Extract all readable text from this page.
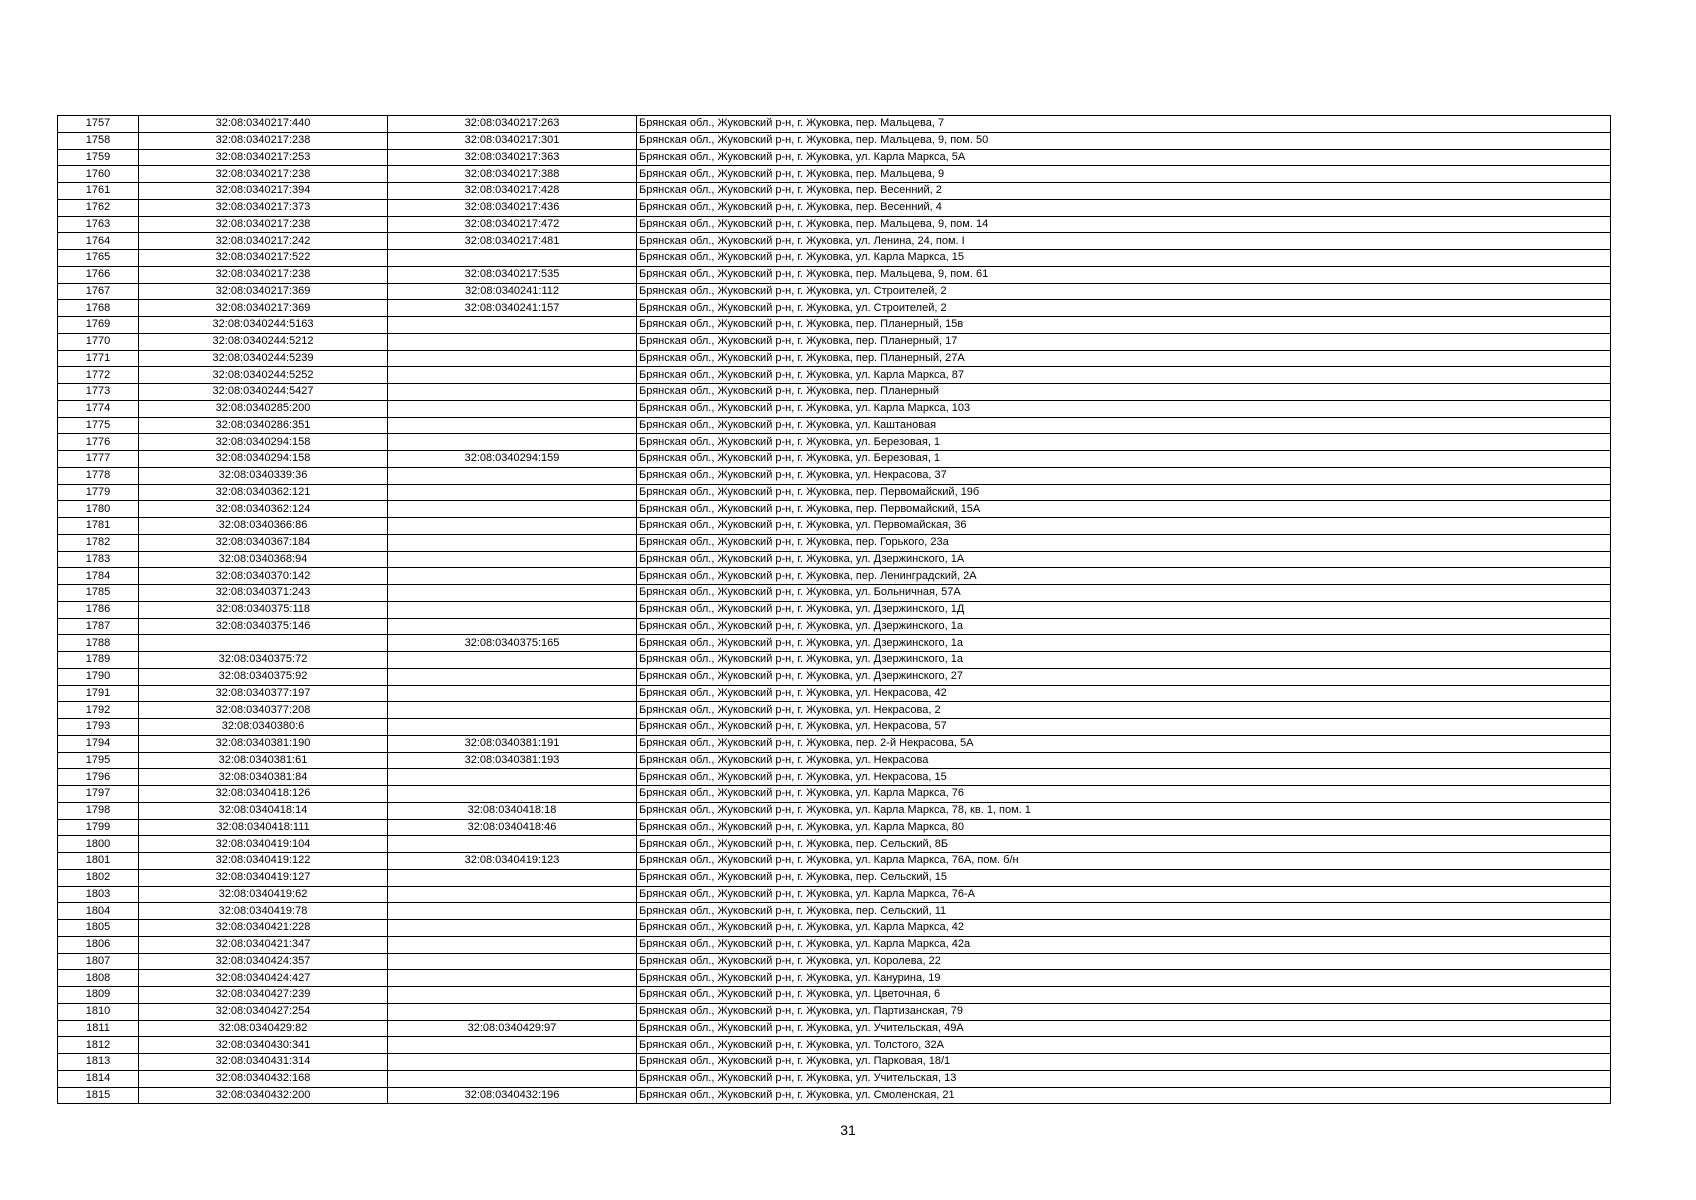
1757	32:08:0340217:440	32:08:0340217:263	Брянская обл., Жуковский р-н, г. Жуковка, пер. Мальцева, 7
1758	32:08:0340217:238	32:08:0340217:301	Брянская обл., Жуковский р-н, г. Жуковка, пер. Мальцева, 9, пом. 50
1759	32:08:0340217:253	32:08:0340217:363	Брянская обл., Жуковский р-н, г. Жуковка, ул. Карла Маркса, 5А
1760	32:08:0340217:238	32:08:0340217:388	Брянская обл., Жуковский р-н, г. Жуковка, пер. Мальцева, 9
1761	32:08:0340217:394	32:08:0340217:428	Брянская обл., Жуковский р-н, г. Жуковка, пер. Весенний, 2
1762	32:08:0340217:373	32:08:0340217:436	Брянская обл., Жуковский р-н, г. Жуковка, пер. Весенний, 4
1763	32:08:0340217:238	32:08:0340217:472	Брянская обл., Жуковский р-н, г. Жуковка, пер. Мальцева, 9, пом. 14
1764	32:08:0340217:242	32:08:0340217:481	Брянская обл., Жуковский р-н, г. Жуковка, ул. Ленина, 24, пом. I
1765	32:08:0340217:522		Брянская обл., Жуковский р-н, г. Жуковка, ул. Карла Маркса, 15
1766	32:08:0340217:238	32:08:0340217:535	Брянская обл., Жуковский р-н, г. Жуковка, пер. Мальцева, 9, пом. 61
1767	32:08:0340217:369	32:08:0340241:112	Брянская обл., Жуковский р-н, г. Жуковка, ул. Строителей, 2
1768	32:08:0340217:369	32:08:0340241:157	Брянская обл., Жуковский р-н, г. Жуковка, ул. Строителей, 2
1769	32:08:0340244:5163		Брянская обл., Жуковский р-н, г. Жуковка, пер. Планерный, 15в
1770	32:08:0340244:5212		Брянская обл., Жуковский р-н, г. Жуковка, пер. Планерный, 17
1771	32:08:0340244:5239		Брянская обл., Жуковский р-н, г. Жуковка, пер. Планерный, 27А
1772	32:08:0340244:5252		Брянская обл., Жуковский р-н, г. Жуковка, ул. Карла Маркса, 87
1773	32:08:0340244:5427		Брянская обл., Жуковский р-н, г. Жуковка, пер. Планерный
1774	32:08:0340285:200		Брянская обл., Жуковский р-н, г. Жуковка, ул. Карла Маркса, 103
1775	32:08:0340286:351		Брянская обл., Жуковский р-н, г. Жуковка, ул. Каштановая
1776	32:08:0340294:158		Брянская обл., Жуковский р-н, г. Жуковка, ул. Березовая, 1
1777	32:08:0340294:158	32:08:0340294:159	Брянская обл., Жуковский р-н, г. Жуковка, ул. Березовая, 1
1778	32:08:0340339:36		Брянская обл., Жуковский р-н, г. Жуковка, ул. Некрасова, 37
1779	32:08:0340362:121		Брянская обл., Жуковский р-н, г. Жуковка, пер. Первомайский, 19б
1780	32:08:0340362:124		Брянская обл., Жуковский р-н, г. Жуковка, пер. Первомайский, 15А
1781	32:08:0340366:86		Брянская обл., Жуковский р-н, г. Жуковка, ул. Первомайская, 36
1782	32:08:0340367:184		Брянская обл., Жуковский р-н, г. Жуковка, пер. Горького, 23а
1783	32:08:0340368:94		Брянская обл., Жуковский р-н, г. Жуковка, ул. Дзержинского, 1А
1784	32:08:0340370:142		Брянская обл., Жуковский р-н, г. Жуковка, пер. Ленинградский, 2А
1785	32:08:0340371:243		Брянская обл., Жуковский р-н, г. Жуковка, ул. Больничная, 57А
1786	32:08:0340375:118		Брянская обл., Жуковский р-н, г. Жуковка, ул. Дзержинского, 1Д
1787	32:08:0340375:146		Брянская обл., Жуковский р-н, г. Жуковка, ул. Дзержинского, 1а
1788		32:08:0340375:165	Брянская обл., Жуковский р-н, г. Жуковка, ул. Дзержинского, 1а
1789	32:08:0340375:72		Брянская обл., Жуковский р-н, г. Жуковка, ул. Дзержинского, 1а
1790	32:08:0340375:92		Брянская обл., Жуковский р-н, г. Жуковка, ул. Дзержинского, 27
1791	32:08:0340377:197		Брянская обл., Жуковский р-н, г. Жуковка, ул. Некрасова, 42
1792	32:08:0340377:208		Брянская обл., Жуковский р-н, г. Жуковка, ул. Некрасова, 2
1793	32:08:0340380:6		Брянская обл., Жуковский р-н, г. Жуковка, ул. Некрасова, 57
1794	32:08:0340381:190	32:08:0340381:191	Брянская обл., Жуковский р-н, г. Жуковка, пер. 2-й Некрасова, 5А
1795	32:08:0340381:61	32:08:0340381:193	Брянская обл., Жуковский р-н, г. Жуковка, ул. Некрасова
1796	32:08:0340381:84		Брянская обл., Жуковский р-н, г. Жуковка, ул. Некрасова, 15
1797	32:08:0340418:126		Брянская обл., Жуковский р-н, г. Жуковка, ул. Карла Маркса, 76
1798	32:08:0340418:14	32:08:0340418:18	Брянская обл., Жуковский р-н, г. Жуковка, ул. Карла Маркса, 78, кв. 1, пом. 1
1799	32:08:0340418:111	32:08:0340418:46	Брянская обл., Жуковский р-н, г. Жуковка, ул. Карла Маркса, 80
1800	32:08:0340419:104		Брянская обл., Жуковский р-н, г. Жуковка, пер. Сельский, 8Б
1801	32:08:0340419:122	32:08:0340419:123	Брянская обл., Жуковский р-н, г. Жуковка, ул. Карла Маркса, 76А, пом. б/н
1802	32:08:0340419:127		Брянская обл., Жуковский р-н, г. Жуковка, пер. Сельский, 15
1803	32:08:0340419:62		Брянская обл., Жуковский р-н, г. Жуковка, ул. Карла Маркса, 76-А
1804	32:08:0340419:78		Брянская обл., Жуковский р-н, г. Жуковка, пер. Сельский, 11
1805	32:08:0340421:228		Брянская обл., Жуковский р-н, г. Жуковка, ул. Карла Маркса, 42
1806	32:08:0340421:347		Брянская обл., Жуковский р-н, г. Жуковка, ул. Карла Маркса, 42а
1807	32:08:0340424:357		Брянская обл., Жуковский р-н, г. Жуковка, ул. Королева, 22
1808	32:08:0340424:427		Брянская обл., Жуковский р-н, г. Жуковка, ул. Канурина, 19
1809	32:08:0340427:239		Брянская обл., Жуковский р-н, г. Жуковка, ул. Цветочная, 6
1810	32:08:0340427:254		Брянская обл., Жуковский р-н, г. Жуковка, ул. Партизанская, 79
1811	32:08:0340429:82	32:08:0340429:97	Брянская обл., Жуковский р-н, г. Жуковка, ул. Учительская, 49А
1812	32:08:0340430:341		Брянская обл., Жуковский р-н, г. Жуковка, ул. Толстого, 32А
1813	32:08:0340431:314		Брянская обл., Жуковский р-н, г. Жуковка, ул. Парковая, 18/1
1814	32:08:0340432:168		Брянская обл., Жуковский р-н, г. Жуковка, ул. Учительская, 13
1815	32:08:0340432:200	32:08:0340432:196	Брянская обл., Жуковский р-н, г. Жуковка, ул. Смоленская, 21
31
